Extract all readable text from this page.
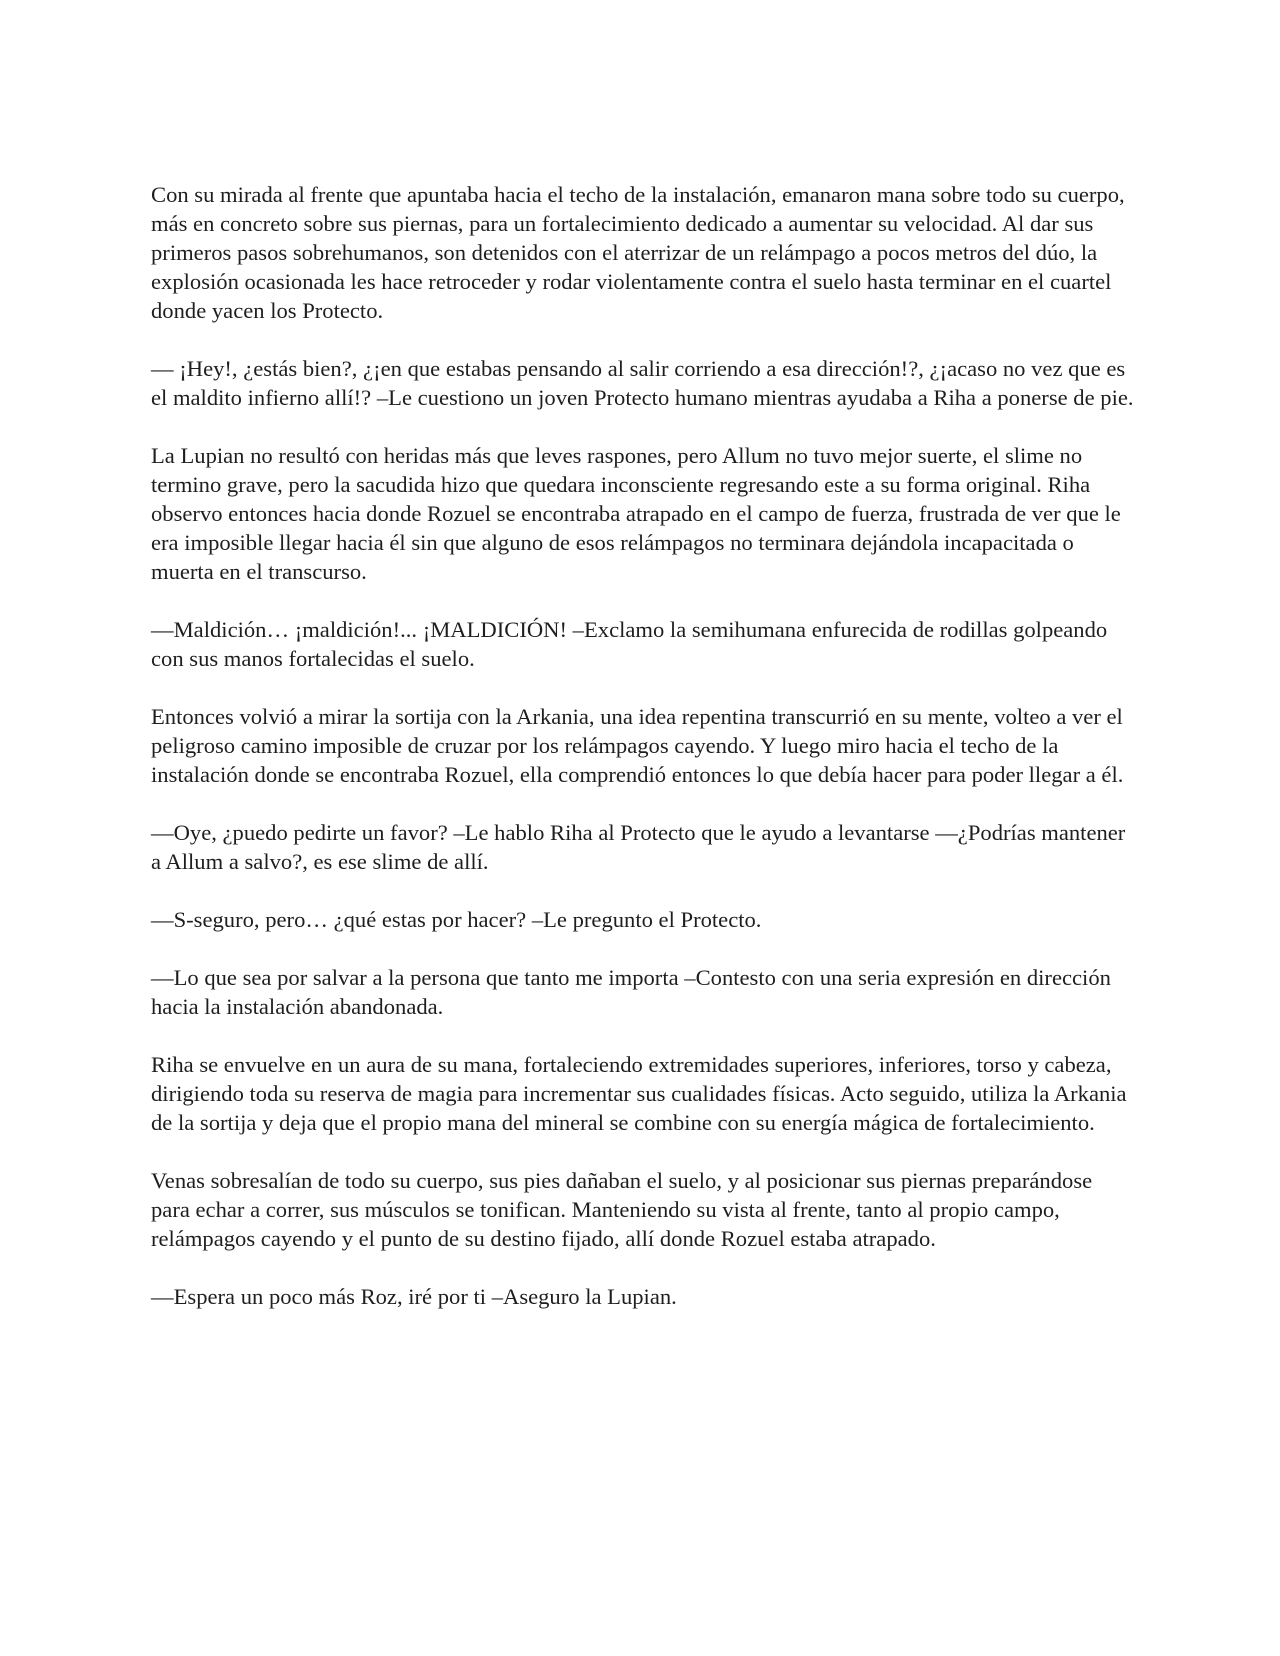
Con su mirada al frente que apuntaba hacia el techo de la instalación, emanaron mana sobre todo su cuerpo, más en concreto sobre sus piernas, para un fortalecimiento dedicado a aumentar su velocidad. Al dar sus primeros pasos sobrehumanos, son detenidos con el aterrizar de un relámpago a pocos metros del dúo, la explosión ocasionada les hace retroceder y rodar violentamente contra el suelo hasta terminar en el cuartel donde yacen los Protecto.

— ¡Hey!, ¿estás bien?, ¿¡en que estabas pensando al salir corriendo a esa dirección!?, ¿¡acaso no vez que es el maldito infierno allí!? –Le cuestiono un joven Protecto humano mientras ayudaba a Riha a ponerse de pie.

La Lupian no resultó con heridas más que leves raspones, pero Allum no tuvo mejor suerte, el slime no termino grave, pero la sacudida hizo que quedara inconsciente regresando este a su forma original. Riha observo entonces hacia donde Rozuel se encontraba atrapado en el campo de fuerza, frustrada de ver que le era imposible llegar hacia él sin que alguno de esos relámpagos no terminara dejándola incapacitada o muerta en el transcurso.

—Maldición… ¡maldición!... ¡MALDICIÓN! –Exclamo la semihumana enfurecida de rodillas golpeando con sus manos fortalecidas el suelo.

Entonces volvió a mirar la sortija con la Arkania, una idea repentina transcurrió en su mente, volteo a ver el peligroso camino imposible de cruzar por los relámpagos cayendo. Y luego miro hacia el techo de la instalación donde se encontraba Rozuel, ella comprendió entonces lo que debía hacer para poder llegar a él.

—Oye, ¿puedo pedirte un favor? –Le hablo Riha al Protecto que le ayudo a levantarse —¿Podrías mantener a Allum a salvo?, es ese slime de allí.

—S-seguro, pero… ¿qué estas por hacer? –Le pregunto el Protecto.

—Lo que sea por salvar a la persona que tanto me importa –Contesto con una seria expresión en dirección hacia la instalación abandonada.

Riha se envuelve en un aura de su mana, fortaleciendo extremidades superiores, inferiores, torso y cabeza, dirigiendo toda su reserva de magia para incrementar sus cualidades físicas. Acto seguido, utiliza la Arkania de la sortija y deja que el propio mana del mineral se combine con su energía mágica de fortalecimiento.

Venas sobresalían de todo su cuerpo, sus pies dañaban el suelo, y al posicionar sus piernas preparándose para echar a correr, sus músculos se tonifican. Manteniendo su vista al frente, tanto al propio campo, relámpagos cayendo y el punto de su destino fijado, allí donde Rozuel estaba atrapado.

—Espera un poco más Roz, iré por ti –Aseguro la Lupian.
